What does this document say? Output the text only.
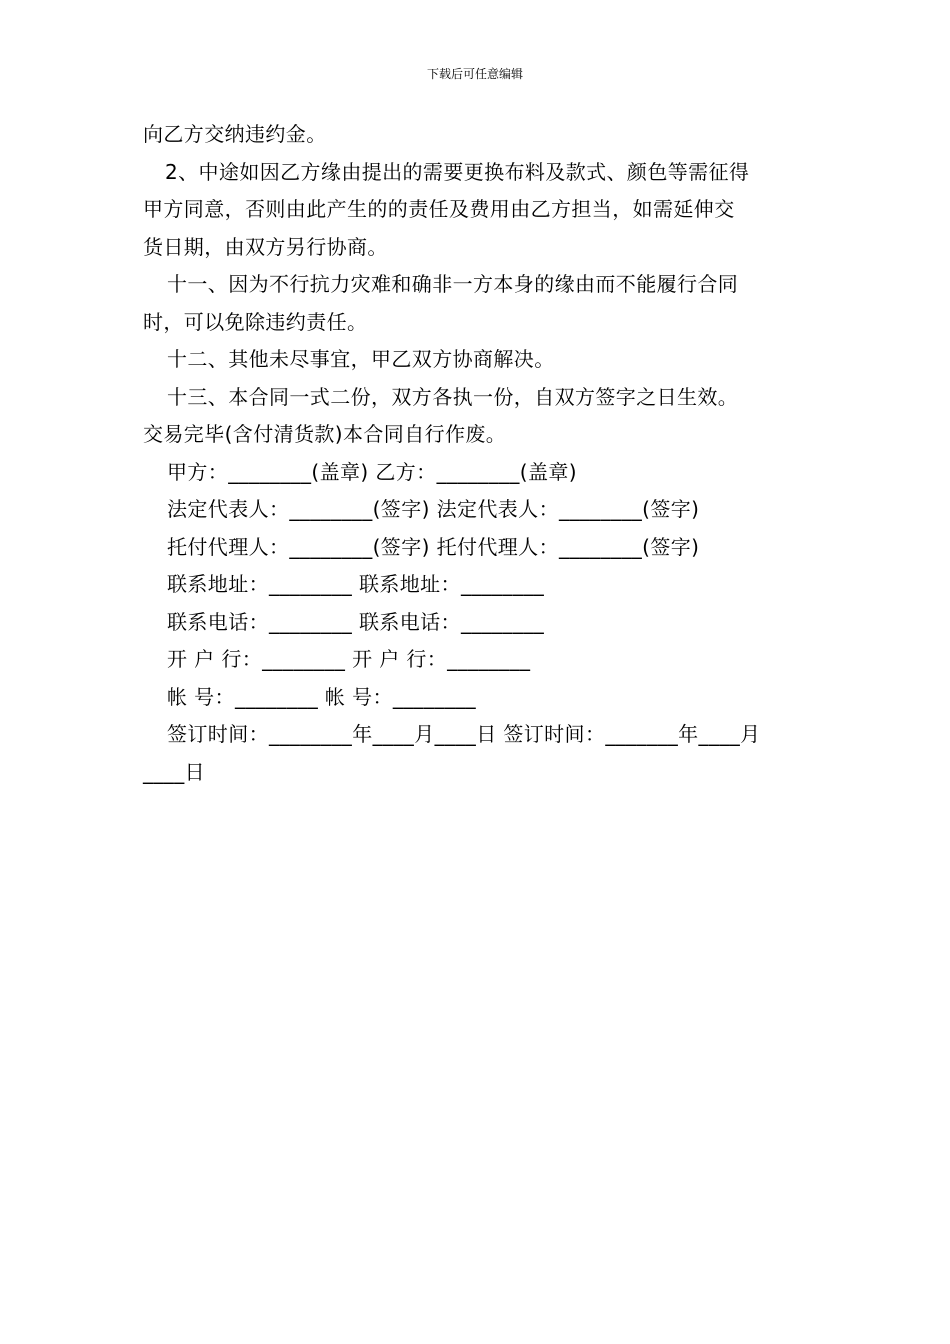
下载后可任意编辑
向乙方交纳违约金。
2、中途如因乙方缘由提出的需要更换布料及款式、颜色等需征得
甲方同意，否则由此产生的的责任及费用由乙方担当，如需延伸交
货日期，由双方另行协商。
十一、因为不行抗力灾难和确非一方本身的缘由而不能履行合同
时，可以免除违约责任。
十二、其他未尽事宜，甲乙双方协商解决。
十三、本合同一式二份，双方各执一份，自双方签字之日生效。
交易完毕(含付清货款)本合同自行作废。
甲方：________(盖章) 乙方：________(盖章)
法定代表人：________(签字) 法定代表人：________(签字)
托付代理人：________(签字) 托付代理人：________(签字)
联系地址：________ 联系地址：________
联系电话：________ 联系电话：________
开 户 行：________ 开 户 行：________
帐 号：________ 帐 号：________
签订时间：________年____月____日 签订时间：_______年____月
____日
